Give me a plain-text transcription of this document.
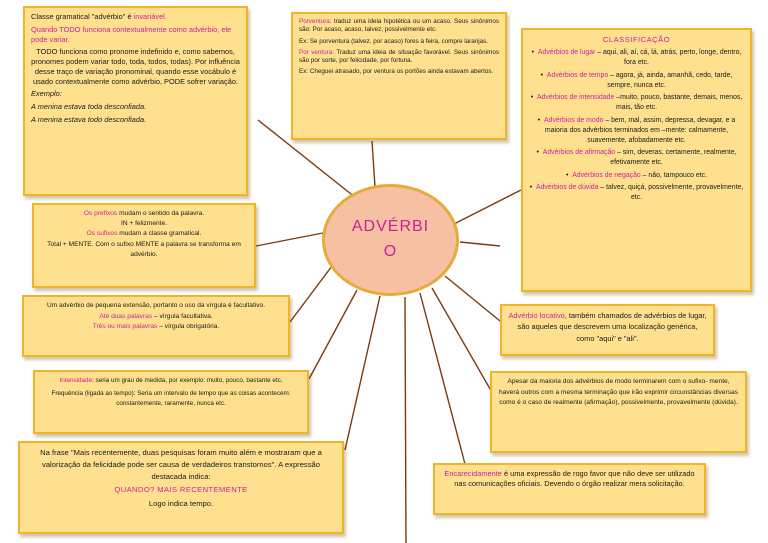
ADVÉRBIO

Classe gramatical "advérbio" é invariável.

Quando TODO funciona contextualmente como advérbio, ele pode variar.

TODO funciona como pronome indefinido e, como sabemos, pronomes podem variar todo, toda, todos, todas). Por influência desse traço de variação pronominal, quando esse vocábulo é usado contextualmente como advérbio, PODE sofrer variação.

Exemplo:

A menina estava toda desconfiada.

A menina estava todo desconfiada.

Porventura: traduz uma ideia hipotética ou um acaso. Seus sinônimos são: Por acaso, acaso, talvez, possivelmente etc.

Ex: Se porventura (talvez, por acaso) fores à feira, compre laranjas.

Por ventura: Traduz uma ideia de situação favorável. Seus sinônimos são por sorte, por felicidade, por fortuna.

Ex: Cheguei atrasado, por ventura os portões ainda estavam abertos.

CLASSIFICAÇÃO

•  Advérbios de lugar – aqui, ali, aí, cá, lá, atrás, perto, longe, dentro, fora etc.
•  Advérbios de tempo – agora, já, ainda, amanhã, cedo, tarde, sempre, nunca etc.
•  Advérbios de intensidade –muito, pouco, bastante, demais, menos, mais, tão etc.
•  Advérbios de modo – bem, mal, assim, depressa, devagar, e a maioria dos advérbios terminados em –mente: calmamente, suavemente, afobadamente etc.
•  Advérbios de afirmação – sim, deveras, certamente, realmente, efetivamente etc.
•  Advérbios de negação – não, tampouco etc.
•  Advérbios de dúvida – talvez, quiçá, possivelmente, provavelmente, etc.

Os prefixos mudam o sentido da palavra.

IN + felizmente.

Os sufixos mudam a classe gramatical.

Total + MENTE. Com o sufixo MENTE a palavra se transforma em advérbio.

Um advérbio de pequena extensão, portanto o uso da vírgula é facultativo.

Até duas palavras – vírgula facultativa.

Três ou mais palavras – vírgula obrigatória.

Advérbio locativo, também chamados de advérbios de lugar, são aqueles que descrevem uma localização genérica, como "aqui" e "ali".

Intensidade: seria um grau de medida, por exemplo: muito, pouco, bastante etc.

Frequência (ligada ao tempo): Seria um intervalo de tempo que as coisas acontecem: constantemente, raramente, nunca etc.

Apesar da maioria dos advérbios de modo terminarem com o sufixo- mente, haverá outros com a mesma terminação que irão exprimir circunstâncias diversas como é o caso de realmente (afirmação), possivelmente, provavelmente (dúvida).

Na frase "Mais recentemente, duas pesquisas foram muito além e mostraram que a valorização da felicidade pode ser causa de verdadeiros transtornos". A expressão destacada indica:

QUANDO? MAIS RECENTEMENTE

Logo indica tempo.

Encarecidamente é uma expressão de rogo favor que não deve ser utilizado nas comunicações oficiais. Devendo o órgão realizar mera solicitação.
